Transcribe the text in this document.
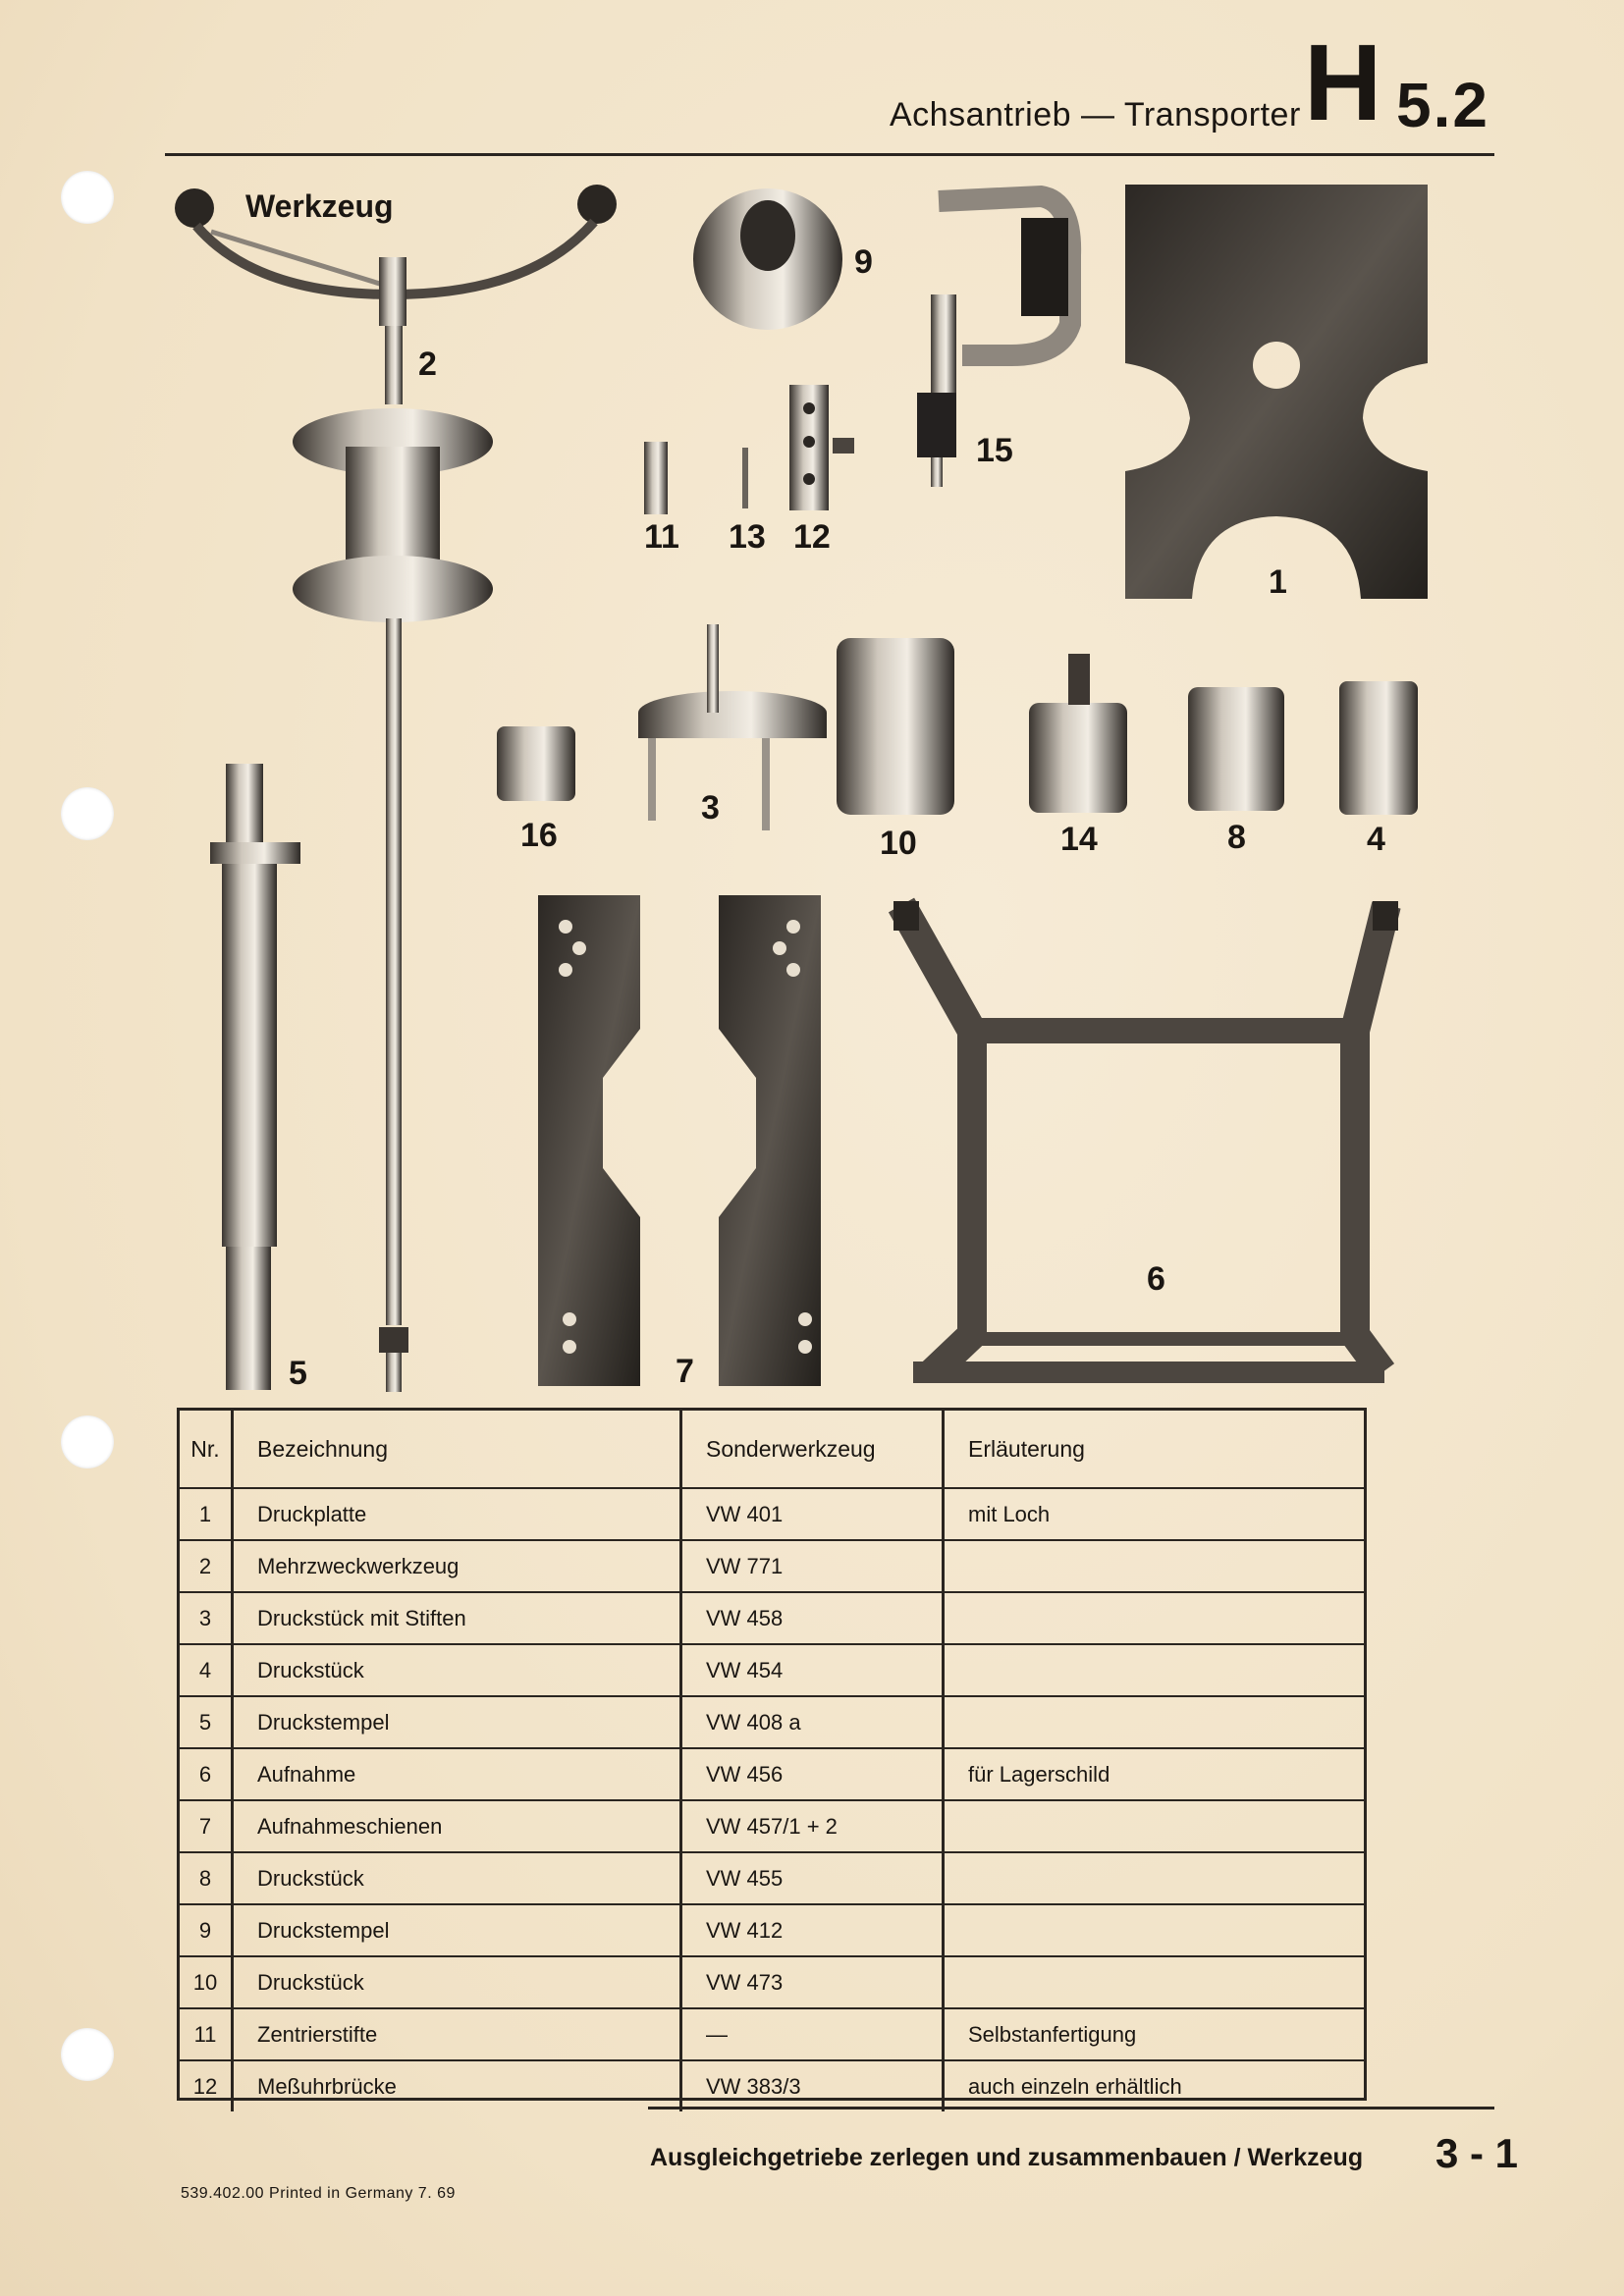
Achsantrieb — Transporter H 5.2
Werkzeug
1
2
3
4
5
6
7
8
9
10
11	12
13
14
15
16
Nr.	Bezeichnung	Sonderwerkzeug	Erläuterung
1	Druckplatte	VW 401	mit Loch
2	Mehrzweckwerkzeug	VW 771	
3	Druckstück mit Stiften	VW 458	
4	Druckstück	VW 454	
5	Druckstempel	VW 408 a	
6	Aufnahme	VW 456	für Lagerschild
7	Aufnahmeschienen	VW 457/1 + 2	
8	Druckstück	VW 455	
9	Druckstempel	VW 412	
10	Druckstück	VW 473	
11	Zentrierstifte	—	Selbstanfertigung
12	Meßuhrbrücke	VW 383/3	auch einzeln erhältlich
Ausgleichgetriebe zerlegen und zusammenbauen / Werkzeug 3 - 1
539.402.00 Printed in Germany 7. 69
